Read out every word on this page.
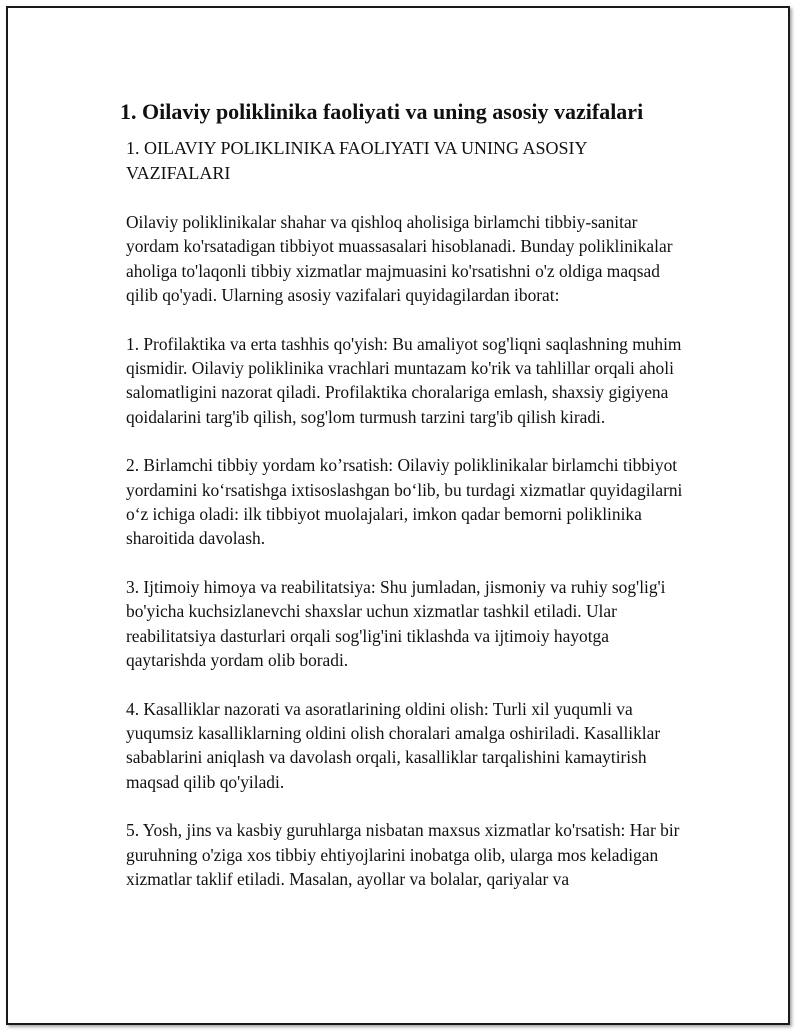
1. Oilaviy poliklinika faoliyati va uning asosiy vazifalari
1. OILAVIY POLIKLINIKA FAOLIYATI VA UNING ASOSIY VAZIFALARI

Oilaviy poliklinikalar shahar va qishloq aholisiga birlamchi tibbiy-sanitar yordam ko'rsatadigan tibbiyot muassasalari hisoblanadi. Bunday poliklinikalar aholiga to'laqonli tibbiy xizmatlar majmuasini ko'rsatishni o'z oldiga maqsad qilib qo'yadi. Ularning asosiy vazifalari quyidagilardan iborat:

1. Profilaktika va erta tashhis qo'yish: Bu amaliyot sog'liqni saqlashning muhim qismidir. Oilaviy poliklinika vrachlari muntazam ko'rik va tahlillar orqali aholi salomatligini nazorat qiladi. Profilaktika choralariga emlash, shaxsiy gigiyena qoidalarini targ'ib qilish, sog'lom turmush tarzini targ'ib qilish kiradi.

2. Birlamchi tibbiy yordam ko’rsatish: Oilaviy poliklinikalar birlamchi tibbiyot yordamini koʻrsatishga ixtisoslashgan boʻlib, bu turdagi xizmatlar quyidagilarni oʻz ichiga oladi: ilk tibbiyot muolajalari, imkon qadar bemorni poliklinika sharoitida davolash.

3. Ijtimoiy himoya va reabilitatsiya: Shu jumladan, jismoniy va ruhiy sog'lig'i bo'yicha kuchsizlanevchi shaxslar uchun xizmatlar tashkil etiladi. Ular reabilitatsiya dasturlari orqali sog'lig'ini tiklashda va ijtimoiy hayotga qaytarishda yordam olib boradi.

4. Kasalliklar nazorati va asoratlarining oldini olish: Turli xil yuqumli va yuqumsiz kasalliklarning oldini olish choralari amalga oshiriladi. Kasalliklar sabablarini aniqlash va davolash orqali, kasalliklar tarqalishini kamaytirish maqsad qilib qo'yiladi.

5. Yosh, jins va kasbiy guruhlarga nisbatan maxsus xizmatlar ko'rsatish: Har bir guruhning o'ziga xos tibbiy ehtiyojlarini inobatga olib, ularga mos keladigan xizmatlar taklif etiladi. Masalan, ayollar va bolalar, qariyalar va
